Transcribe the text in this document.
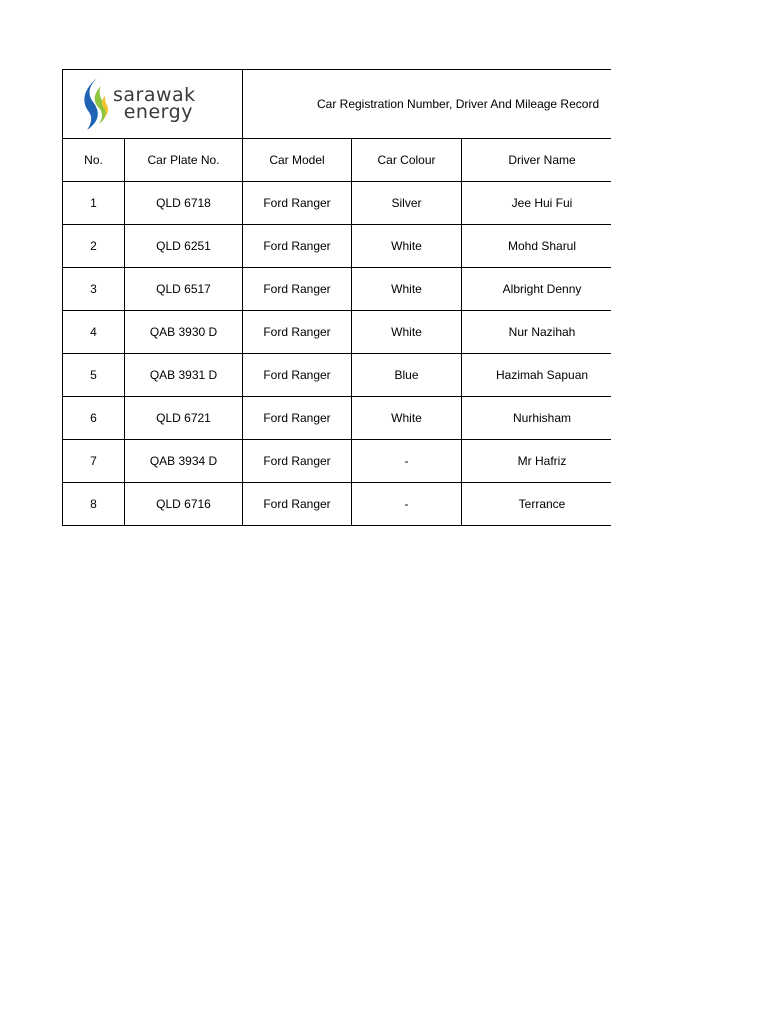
sarawak
energy		Car Registration Number, Driver And Mileage Record		
No.	Car Plate No.	Car Model	Car Colour	Driver Name
1	QLD 6718	Ford Ranger	Silver	Jee Hui Fui
2	QLD 6251	Ford Ranger	White	Mohd Sharul
3	QLD 6517	Ford Ranger	White	Albright Denny
4	QAB 3930 D	Ford Ranger	White	Nur Nazihah
5	QAB 3931 D	Ford Ranger	Blue	Hazimah Sapuan
6	QLD 6721	Ford Ranger	White	Nurhisham
7	QAB 3934 D	Ford Ranger	-	Mr Hafriz
8	QLD 6716	Ford Ranger	-	Terrance
